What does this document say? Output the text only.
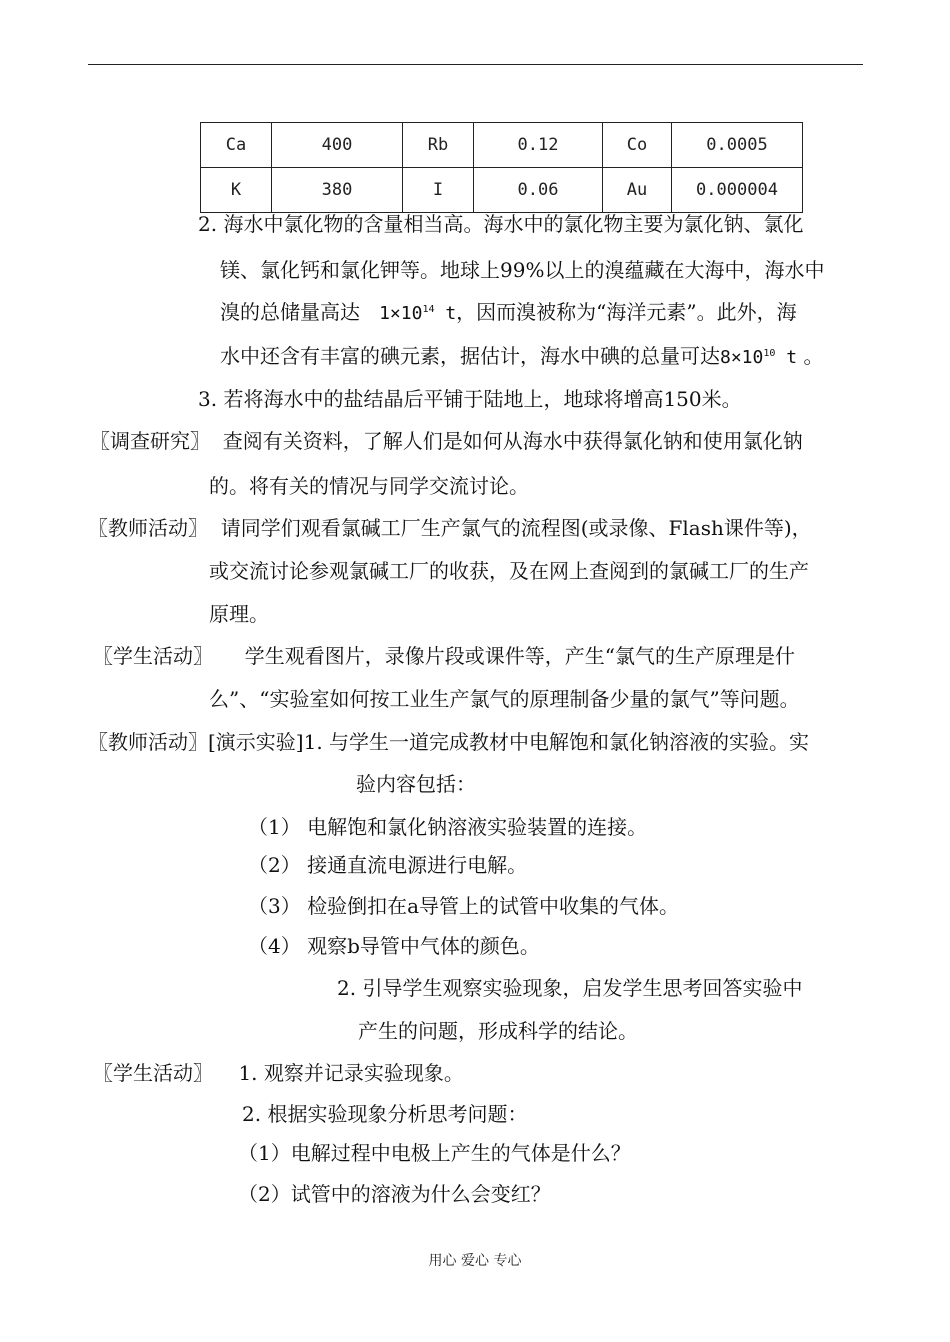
Ca	400	Rb	0.12	Co	0.0005
K	380	I	0.06	Au	0.000004
2. 海水中氯化物的含量相当高。海水中的氯化物主要为氯化钠、氯化
镁、氯化钙和氯化钾等。地球上99%以上的溴蕴藏在大海中，海水中
溴的总储量高达 $1\times 10^{14}$ t，因而溴被称为“海洋元素”。此外，海
水中还含有丰富的碘元素，据估计，海水中碘的总量可达$8\times 10^{10}$ t 。
3. 若将海水中的盐结晶后平铺于陆地上，地球将增高150米。
〖调查研究〗 查阅有关资料，了解人们是如何从海水中获得氯化钠和使用氯化钠
的。将有关的情况与同学交流讨论。
〖教师活动〗 请同学们观看氯碱工厂生产氯气的流程图(或录像、Flash课件等)，
或交流讨论参观氯碱工厂的收获，及在网上查阅到的氯碱工厂的生产
原理。
〖学生活动〗 学生观看图片，录像片段或课件等，产生“氯气的生产原理是什
么”、“实验室如何按工业生产氯气的原理制备少量的氯气”等问题。
〖教师活动〗[演示实验]1. 与学生一道完成教材中电解饱和氯化钠溶液的实验。实
验内容包括：
（1） 电解饱和氯化钠溶液实验装置的连接。
（2） 接通直流电源进行电解。
（3） 检验倒扣在a导管上的试管中收集的气体。
（4） 观察b导管中气体的颜色。
2. 引导学生观察实验现象，启发学生思考回答实验中
产生的问题，形成科学的结论。
〖学生活动〗 1. 观察并记录实验现象。
2. 根据实验现象分析思考问题：
（1）电解过程中电极上产生的气体是什么？
（2）试管中的溶液为什么会变红？
用心 爱心 专心
